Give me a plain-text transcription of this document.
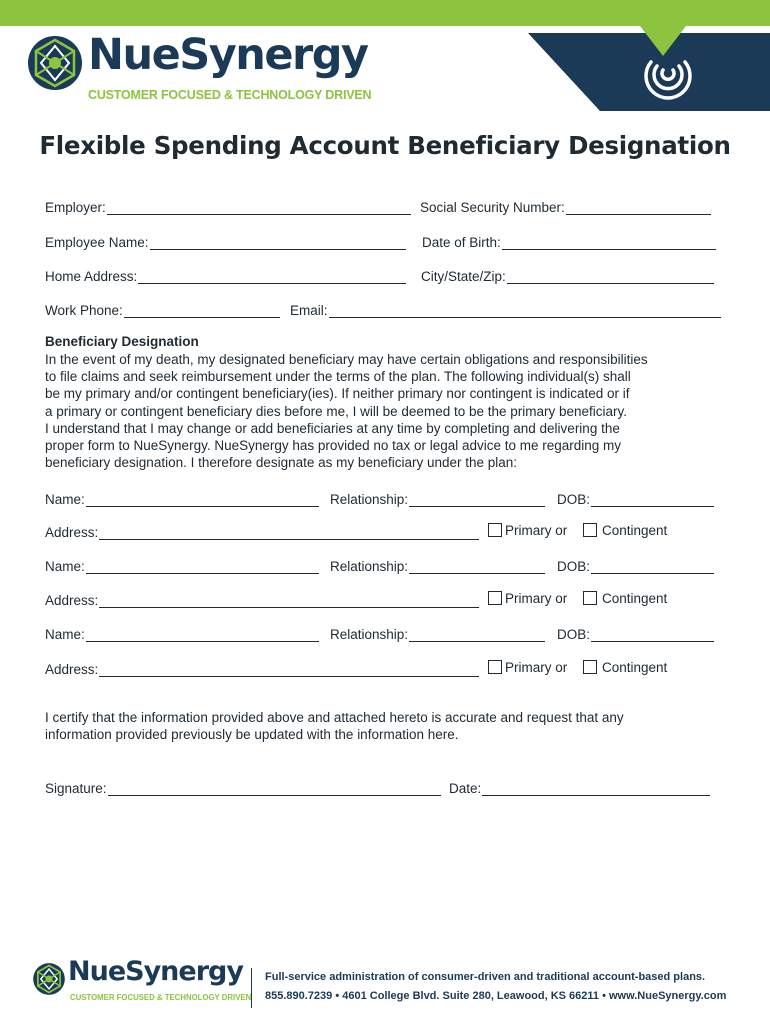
NueSynergy
CUSTOMER FOCUSED & TECHNOLOGY DRIVEN
Flexible Spending Account Beneficiary Designation
Employer:	Social Security Number:
Employee Name:	Date of Birth:
Home Address:	City/State/Zip:
Work Phone:	Email:
Beneficiary Designation
In the event of my death, my designated beneficiary may have certain obligations and responsibilities
to file claims and seek reimbursement under the terms of the plan. The following individual(s) shall
be my primary and/or contingent beneficiary(ies). If neither primary nor contingent is indicated or if
a primary or contingent beneficiary dies before me, I will be deemed to be the primary beneficiary.
I understand that I may change or add beneficiaries at any time by completing and delivering the
proper form to NueSynergy. NueSynergy has provided no tax or legal advice to me regarding my
beneficiary designation. I therefore designate as my beneficiary under the plan:
Name:	Relationship:	DOB:
Address:	Primary or	Contingent
Name:	Relationship:	DOB:
Address:	Primary or	Contingent
Name:	Relationship:	DOB:
Address:	Primary or	Contingent
I certify that the information provided above and attached hereto is accurate and request that any
information provided previously be updated with the information here.
Signature:	Date:
NueSynergy
CUSTOMER FOCUSED & TECHNOLOGY DRIVEN
Full-service administration of consumer-driven and traditional account-based plans.
855.890.7239 • 4601 College Blvd. Suite 280, Leawood, KS 66211 • www.NueSynergy.com
